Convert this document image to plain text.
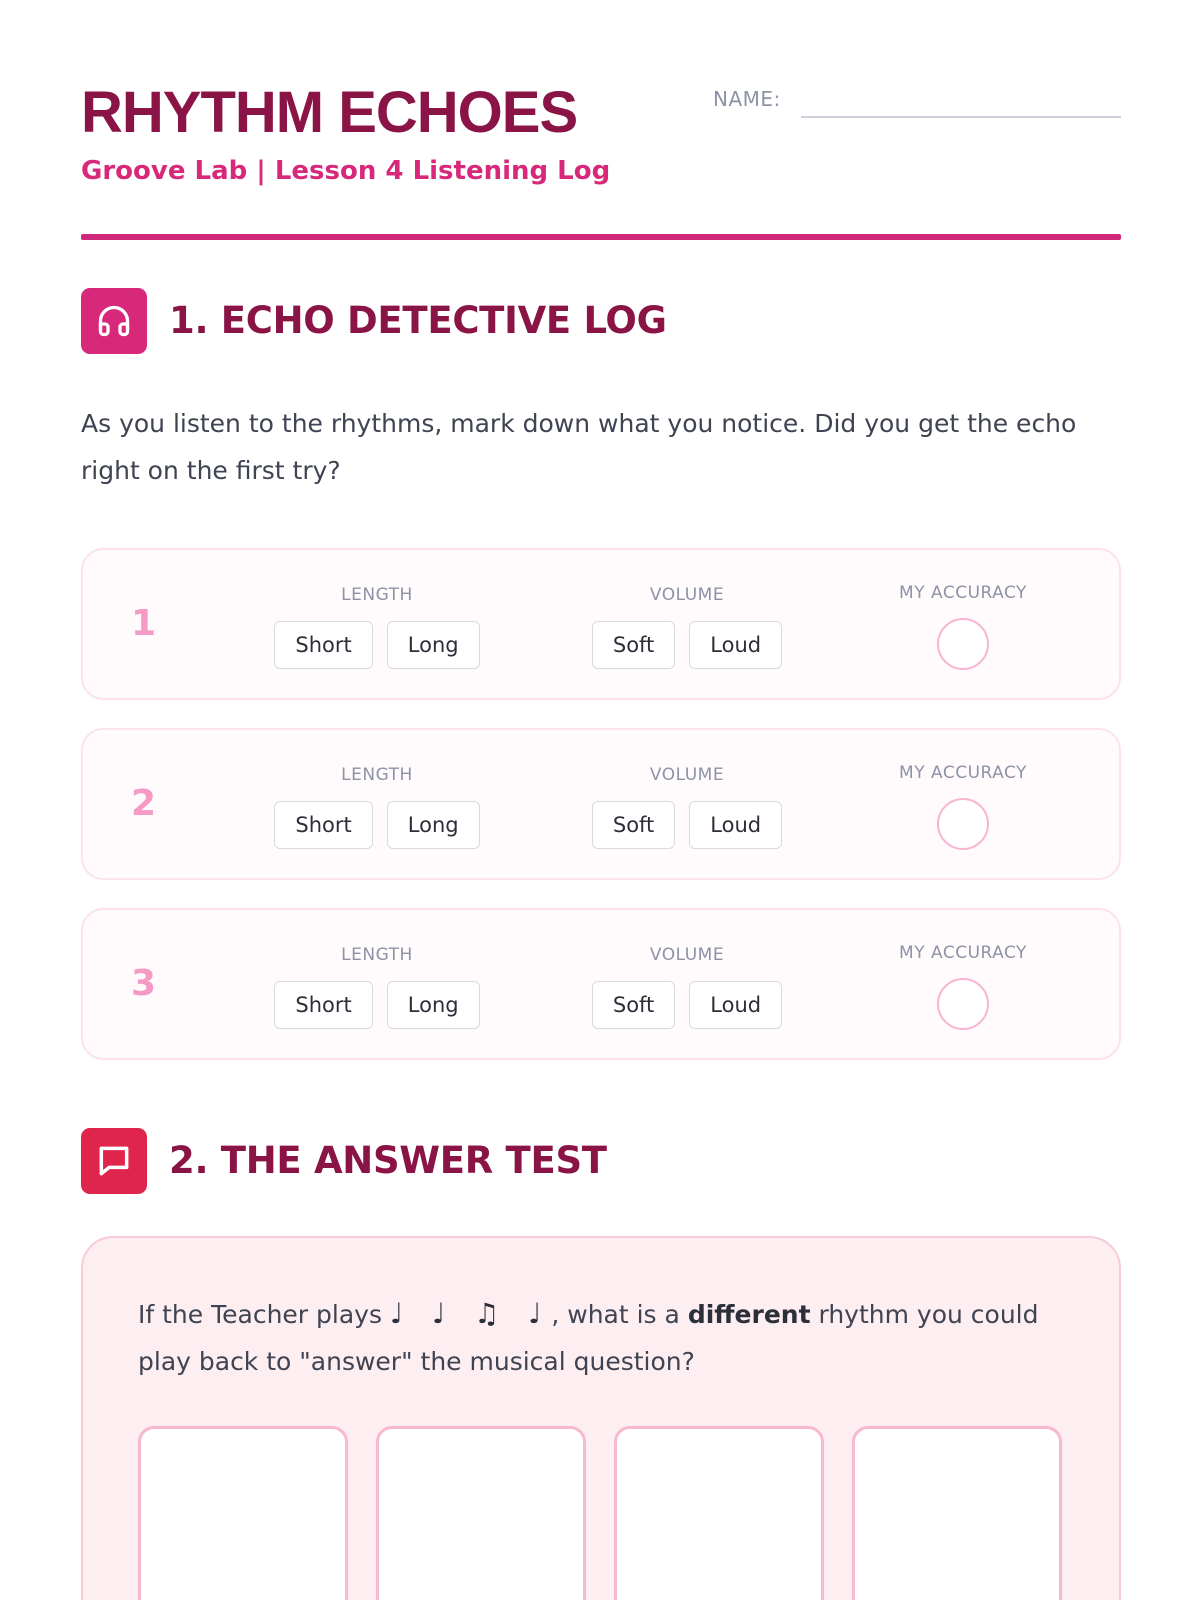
RHYTHM ECHOES
Groove Lab | Lesson 4 Listening Log
NAME:
1. ECHO DETECTIVE LOG
As you listen to the rhythms, mark down what you notice. Did you get the echo right on the first try?
1
LENGTH
Short	Long
VOLUME
Soft	Loud
MY ACCURACY
2
LENGTH
Short	Long
VOLUME
Soft	Loud
MY ACCURACY
3
LENGTH
Short	Long
VOLUME
Soft	Loud
MY ACCURACY
2. THE ANSWER TEST
If the Teacher plays ♩ ♩ ♫ ♩, what is a different rhythm you could play back to "answer" the musical question?
